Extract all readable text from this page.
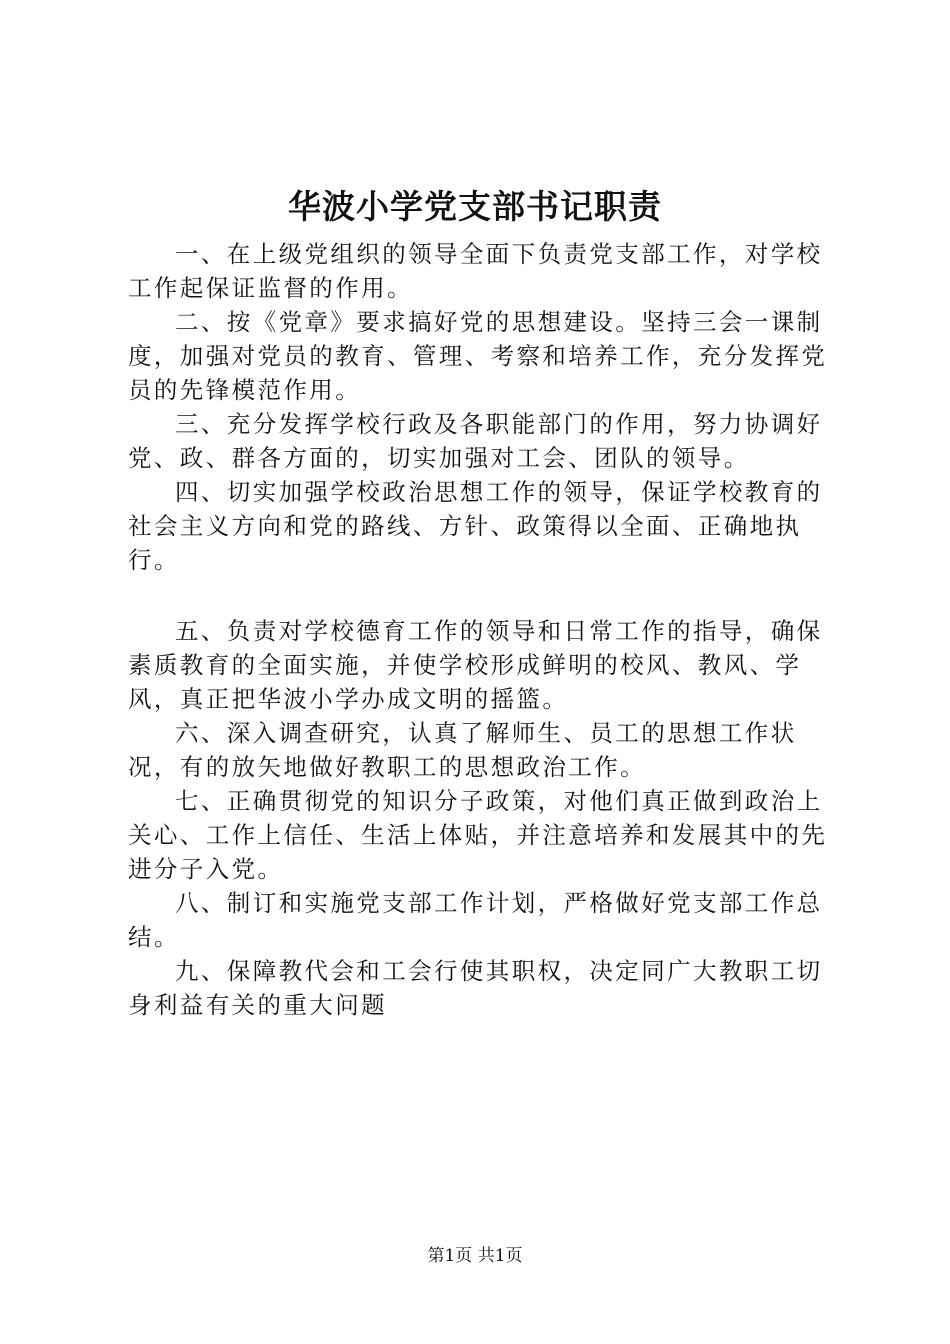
华波小学党支部书记职责

一、在上级党组织的领导全面下负责党支部工作，对学校工作起保证监督的作用。

二、按《党章》要求搞好党的思想建设。坚持三会一课制度，加强对党员的教育、管理、考察和培养工作，充分发挥党员的先锋模范作用。

三、充分发挥学校行政及各职能部门的作用，努力协调好党、政、群各方面的，切实加强对工会、团队的领导。

四、切实加强学校政治思想工作的领导，保证学校教育的社会主义方向和党的路线、方针、政策得以全面、正确地执行。

五、负责对学校德育工作的领导和日常工作的指导，确保素质教育的全面实施，并使学校形成鲜明的校风、教风、学风，真正把华波小学办成文明的摇篮。

六、深入调查研究，认真了解师生、员工的思想工作状况，有的放矢地做好教职工的思想政治工作。

七、正确贯彻党的知识分子政策，对他们真正做到政治上关心、工作上信任、生活上体贴，并注意培养和发展其中的先进分子入党。

八、制订和实施党支部工作计划，严格做好党支部工作总结。

九、保障教代会和工会行使其职权，决定同广大教职工切身利益有关的重大问题

第1页 共1页
